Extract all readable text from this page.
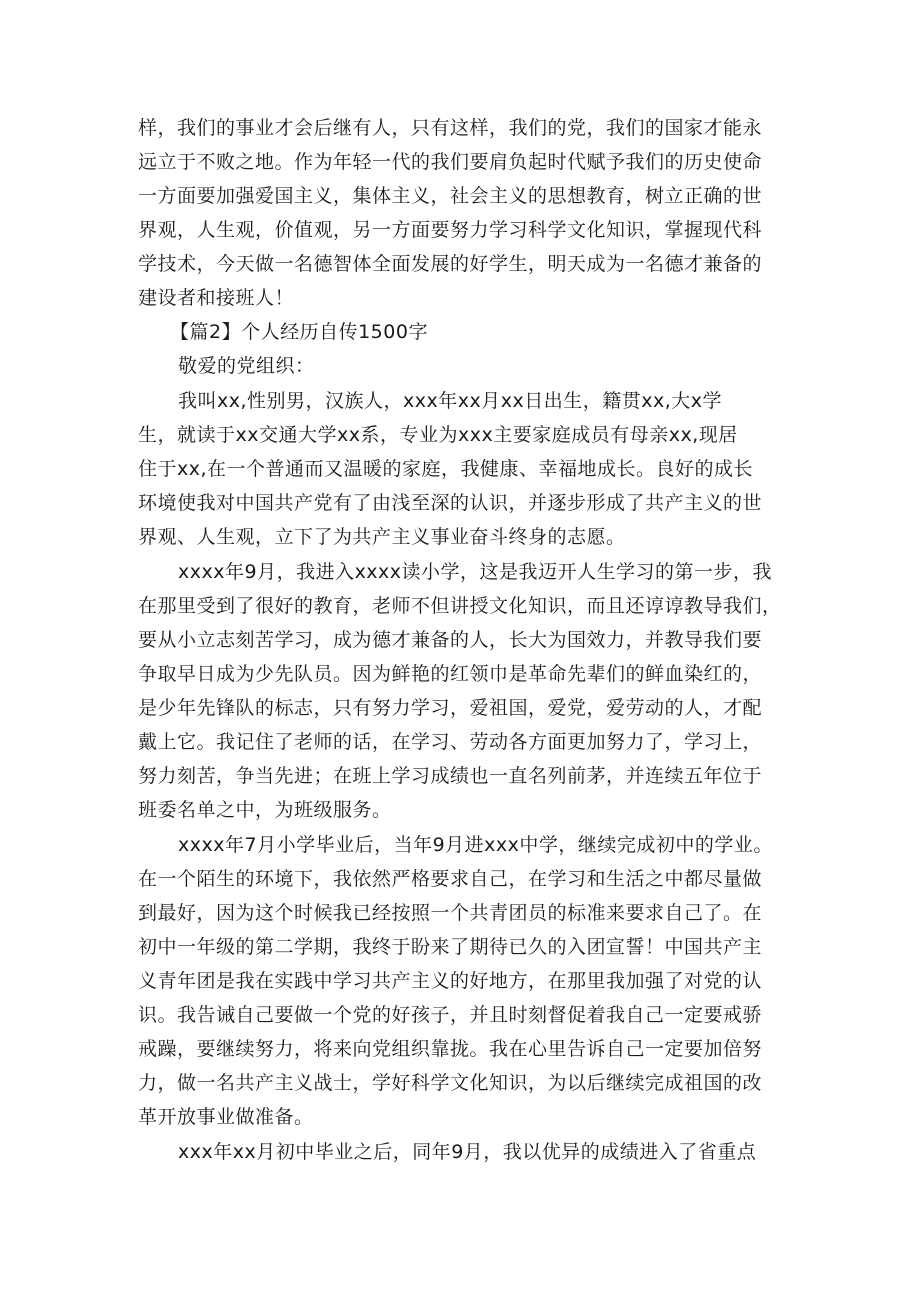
样，我们的事业才会后继有人，只有这样，我们的党，我们的国家才能永
远立于不败之地。作为年轻一代的我们要肩负起时代赋予我们的历史使命
一方面要加强爱国主义，集体主义，社会主义的思想教育，树立正确的世
界观，人生观，价值观，另一方面要努力学习科学文化知识，掌握现代科
学技术，今天做一名德智体全面发展的好学生，明天成为一名德才兼备的
建设者和接班人！
【篇2】个人经历自传1500字
敬爱的党组织：
我叫xx,性别男，汉族人，xxx年xx月xx日出生，籍贯xx,大x学
生，就读于xx交通大学xx系，专业为xxx主要家庭成员有母亲xx,现居
住于xx,在一个普通而又温暖的家庭，我健康、幸福地成长。良好的成长
环境使我对中国共产党有了由浅至深的认识，并逐步形成了共产主义的世
界观、人生观，立下了为共产主义事业奋斗终身的志愿。
xxxx年9月，我进入xxxx读小学，这是我迈开人生学习的第一步，我
在那里受到了很好的教育，老师不但讲授文化知识，而且还谆谆教导我们，
要从小立志刻苦学习，成为德才兼备的人，长大为国效力，并教导我们要
争取早日成为少先队员。因为鲜艳的红领巾是革命先辈们的鲜血染红的，
是少年先锋队的标志，只有努力学习，爱祖国，爱党，爱劳动的人，才配
戴上它。我记住了老师的话，在学习、劳动各方面更加努力了，学习上，
努力刻苦，争当先进；在班上学习成绩也一直名列前茅，并连续五年位于
班委名单之中，为班级服务。
xxxx年7月小学毕业后，当年9月进xxx中学，继续完成初中的学业。
在一个陌生的环境下，我依然严格要求自己，在学习和生活之中都尽量做
到最好，因为这个时候我已经按照一个共青团员的标准来要求自己了。在
初中一年级的第二学期，我终于盼来了期待已久的入团宣誓！中国共产主
义青年团是我在实践中学习共产主义的好地方，在那里我加强了对党的认
识。我告诫自己要做一个党的好孩子，并且时刻督促着我自己一定要戒骄
戒躁，要继续努力，将来向党组织靠拢。我在心里告诉自己一定要加倍努
力，做一名共产主义战士，学好科学文化知识，为以后继续完成祖国的改
革开放事业做准备。
xxx年xx月初中毕业之后，同年9月，我以优异的成绩进入了省重点
